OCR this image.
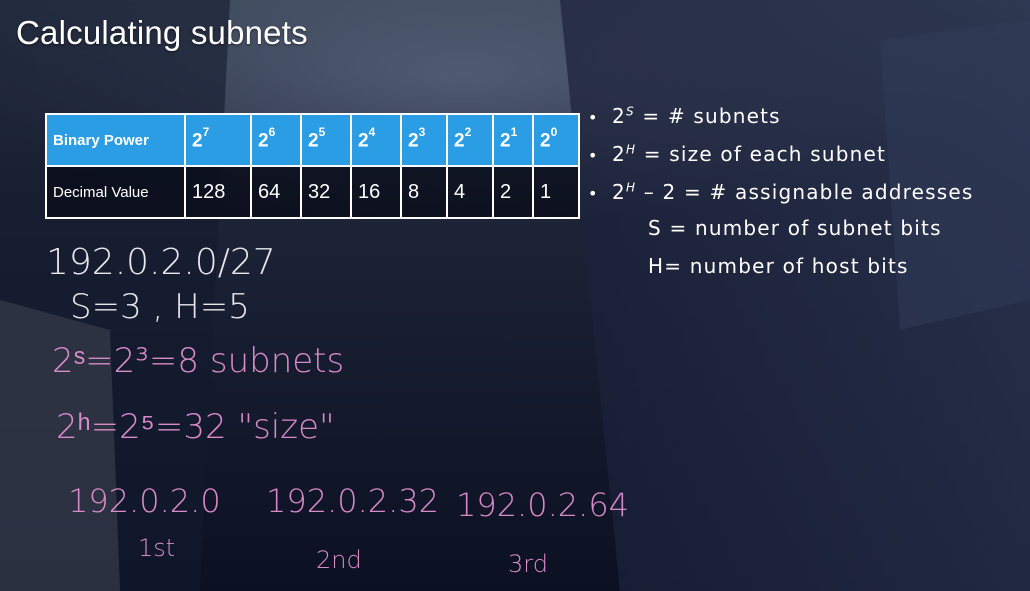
Calculating subnets
Binary Power	$2^7$	$2^6$	$2^5$	$2^4$	$2^3$	$2^2$	$2^1$	$2^0$
Decimal Value	128	64	32	16	8	4	2	1
• $2^S$ = # subnets
• $2^H$ = size of each subnet
• $2^H - 2$ = # assignable addresses
S = number of subnet bits
H= number of host bits
192.0.2.0/27
S=3 , H=5
2ˢ=2³=8 subnets
2ʰ=2⁵=32 "size"
192.0.2.0 192.0.2.32 192.0.2.64
1st	2nd	3rd
